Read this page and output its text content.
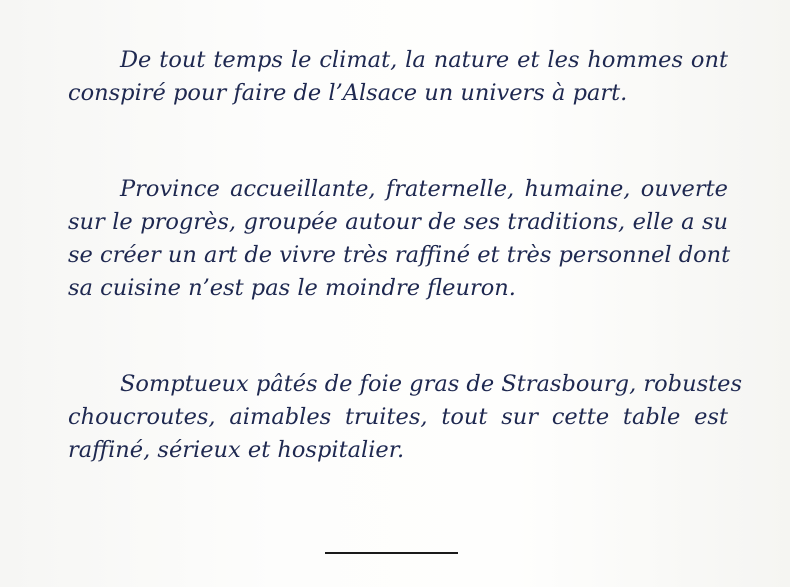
De tout temps le climat, la nature et les hommes ont
conspiré pour faire de l’Alsace un univers à part.

Province accueillante, fraternelle, humaine, ouverte
sur le progrès, groupée autour de ses traditions, elle a su
se créer un art de vivre très raffiné et très personnel dont
sa cuisine n’est pas le moindre fleuron.

Somptueux pâtés de foie gras de Strasbourg, robustes
choucroutes, aimables truites, tout sur cette table est
raffiné, sérieux et hospitalier.
